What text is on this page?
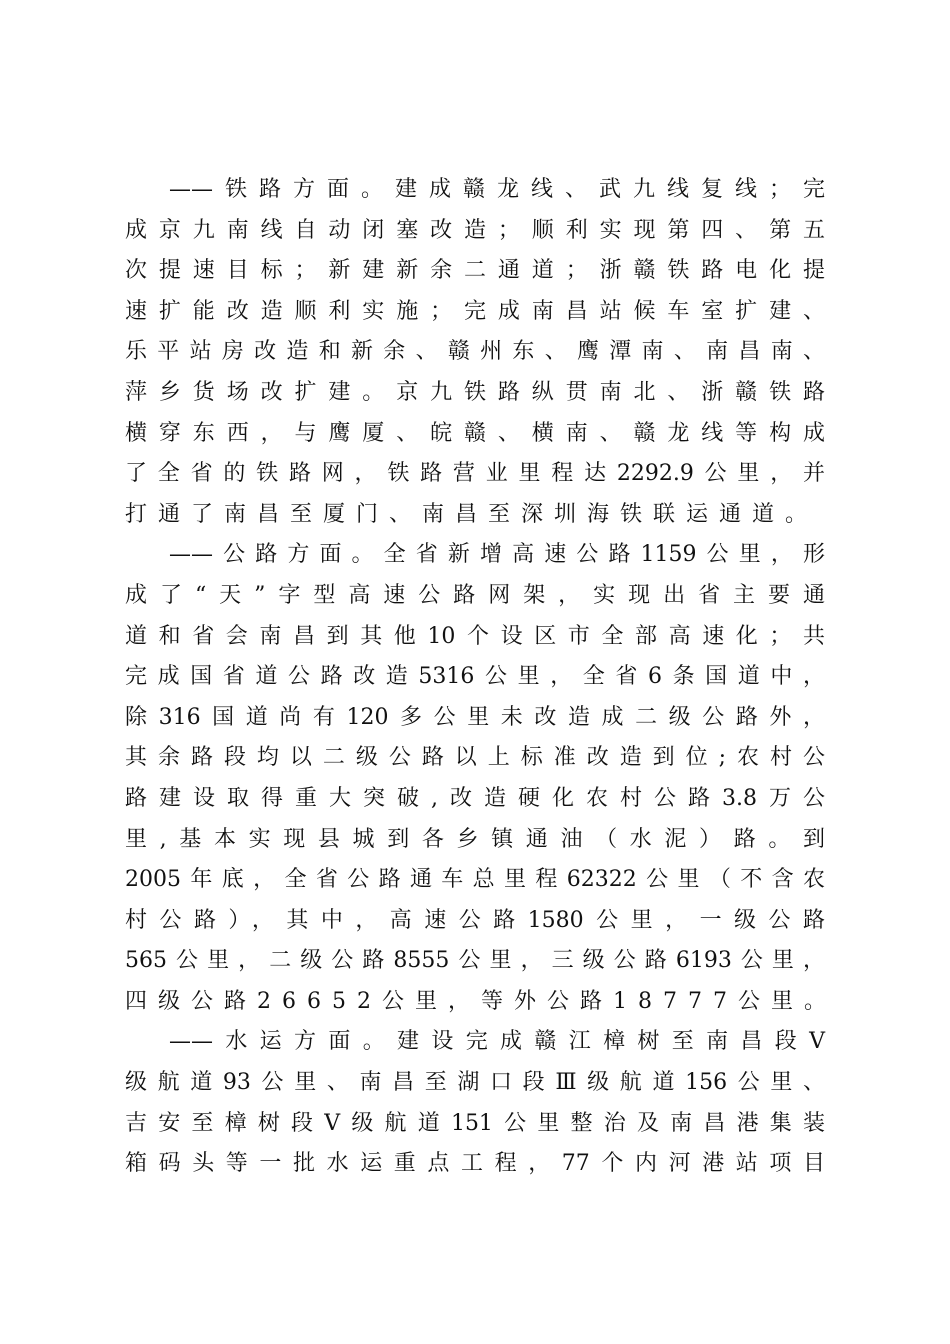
——铁路方面。建成赣龙线、武九线复线；完
成京九南线自动闭塞改造；顺利实现第四、第五
次提速目标；新建新余二通道；浙赣铁路电化提
速扩能改造顺利实施；完成南昌站候车室扩建、
乐平站房改造和新余、赣州东、鹰潭南、南昌南、
萍乡货场改扩建。京九铁路纵贯南北、浙赣铁路
横穿东西，与鹰厦、皖赣、横南、赣龙线等构成
了全省的铁路网，铁路营业里程达2292.9公里，并
打通了南昌至厦门、南昌至深圳海铁联运通道。
——公路方面。全省新增高速公路1159公里，形
成了“天”字型高速公路网架，实现出省主要通
道和省会南昌到其他10个设区市全部高速化；共
完成国省道公路改造5316公里，全省6条国道中，
除316国道尚有120多公里未改造成二级公路外，
其余路段均以二级公路以上标准改造到位;农村公
路建设取得重大突破,改造硬化农村公路3.8万公
里,基本实现县城到各乡镇通油（水泥）路。到
2005年底，全省公路通车总里程62322公里（不含农
村公路），其中，高速公路1580公里，一级公路
565公里，二级公路8555公里，三级公路6193公里，
四级公路26652公里，等外公路18777公里。
——水运方面。建设完成赣江樟树至南昌段Ⅴ
级航道93公里、南昌至湖口段Ⅲ级航道156公里、
吉安至樟树段Ⅴ级航道151公里整治及南昌港集装
箱码头等一批水运重点工程，77个内河港站项目
